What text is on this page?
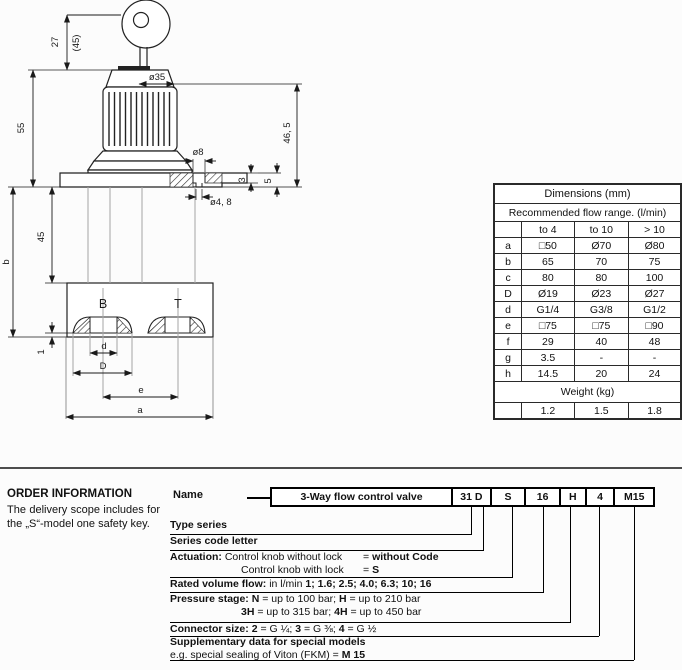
27 (45)
ø35
55	46, 5
ø8
3 5
ø4, 8
45
b
B	T
1	d
D
e
a
Dimensions (mm)			
Recommended flow range. (l/min)			
	to 4	to 10	> 10
a	□50	Ø70	Ø80
b	65	70	75
c	80	80	100
D	Ø19	Ø23	Ø27
d	G1/4	G3/8	G1/2
e	□75	□75	□90
f	29	40	48
g	3.5	-	-
h	14.5	20	24
Weight (kg)			
	1.2	1.5	1.8
ORDER INFORMATION
The delivery scope includes for the „S“-model one safety key.
Name	3-Way flow control valve	31 D	S	16	H	4	M15
Type series
Series code letter
Actuation: Control knob without lock
Control knob with lock
= without Code
= S
Rated volume flow: in l/min 1; 1.6; 2.5; 4.0; 6.3; 10; 16
Pressure stage: N = up to 100 bar; H = up to 210 bar
3H = up to 315 bar; 4H = up to 450 bar
Connector size: 2 = G ¼; 3 = G ⅜; 4 = G ½
Supplementary data for special models
e.g. special sealing of Viton (FKM) = M 15
